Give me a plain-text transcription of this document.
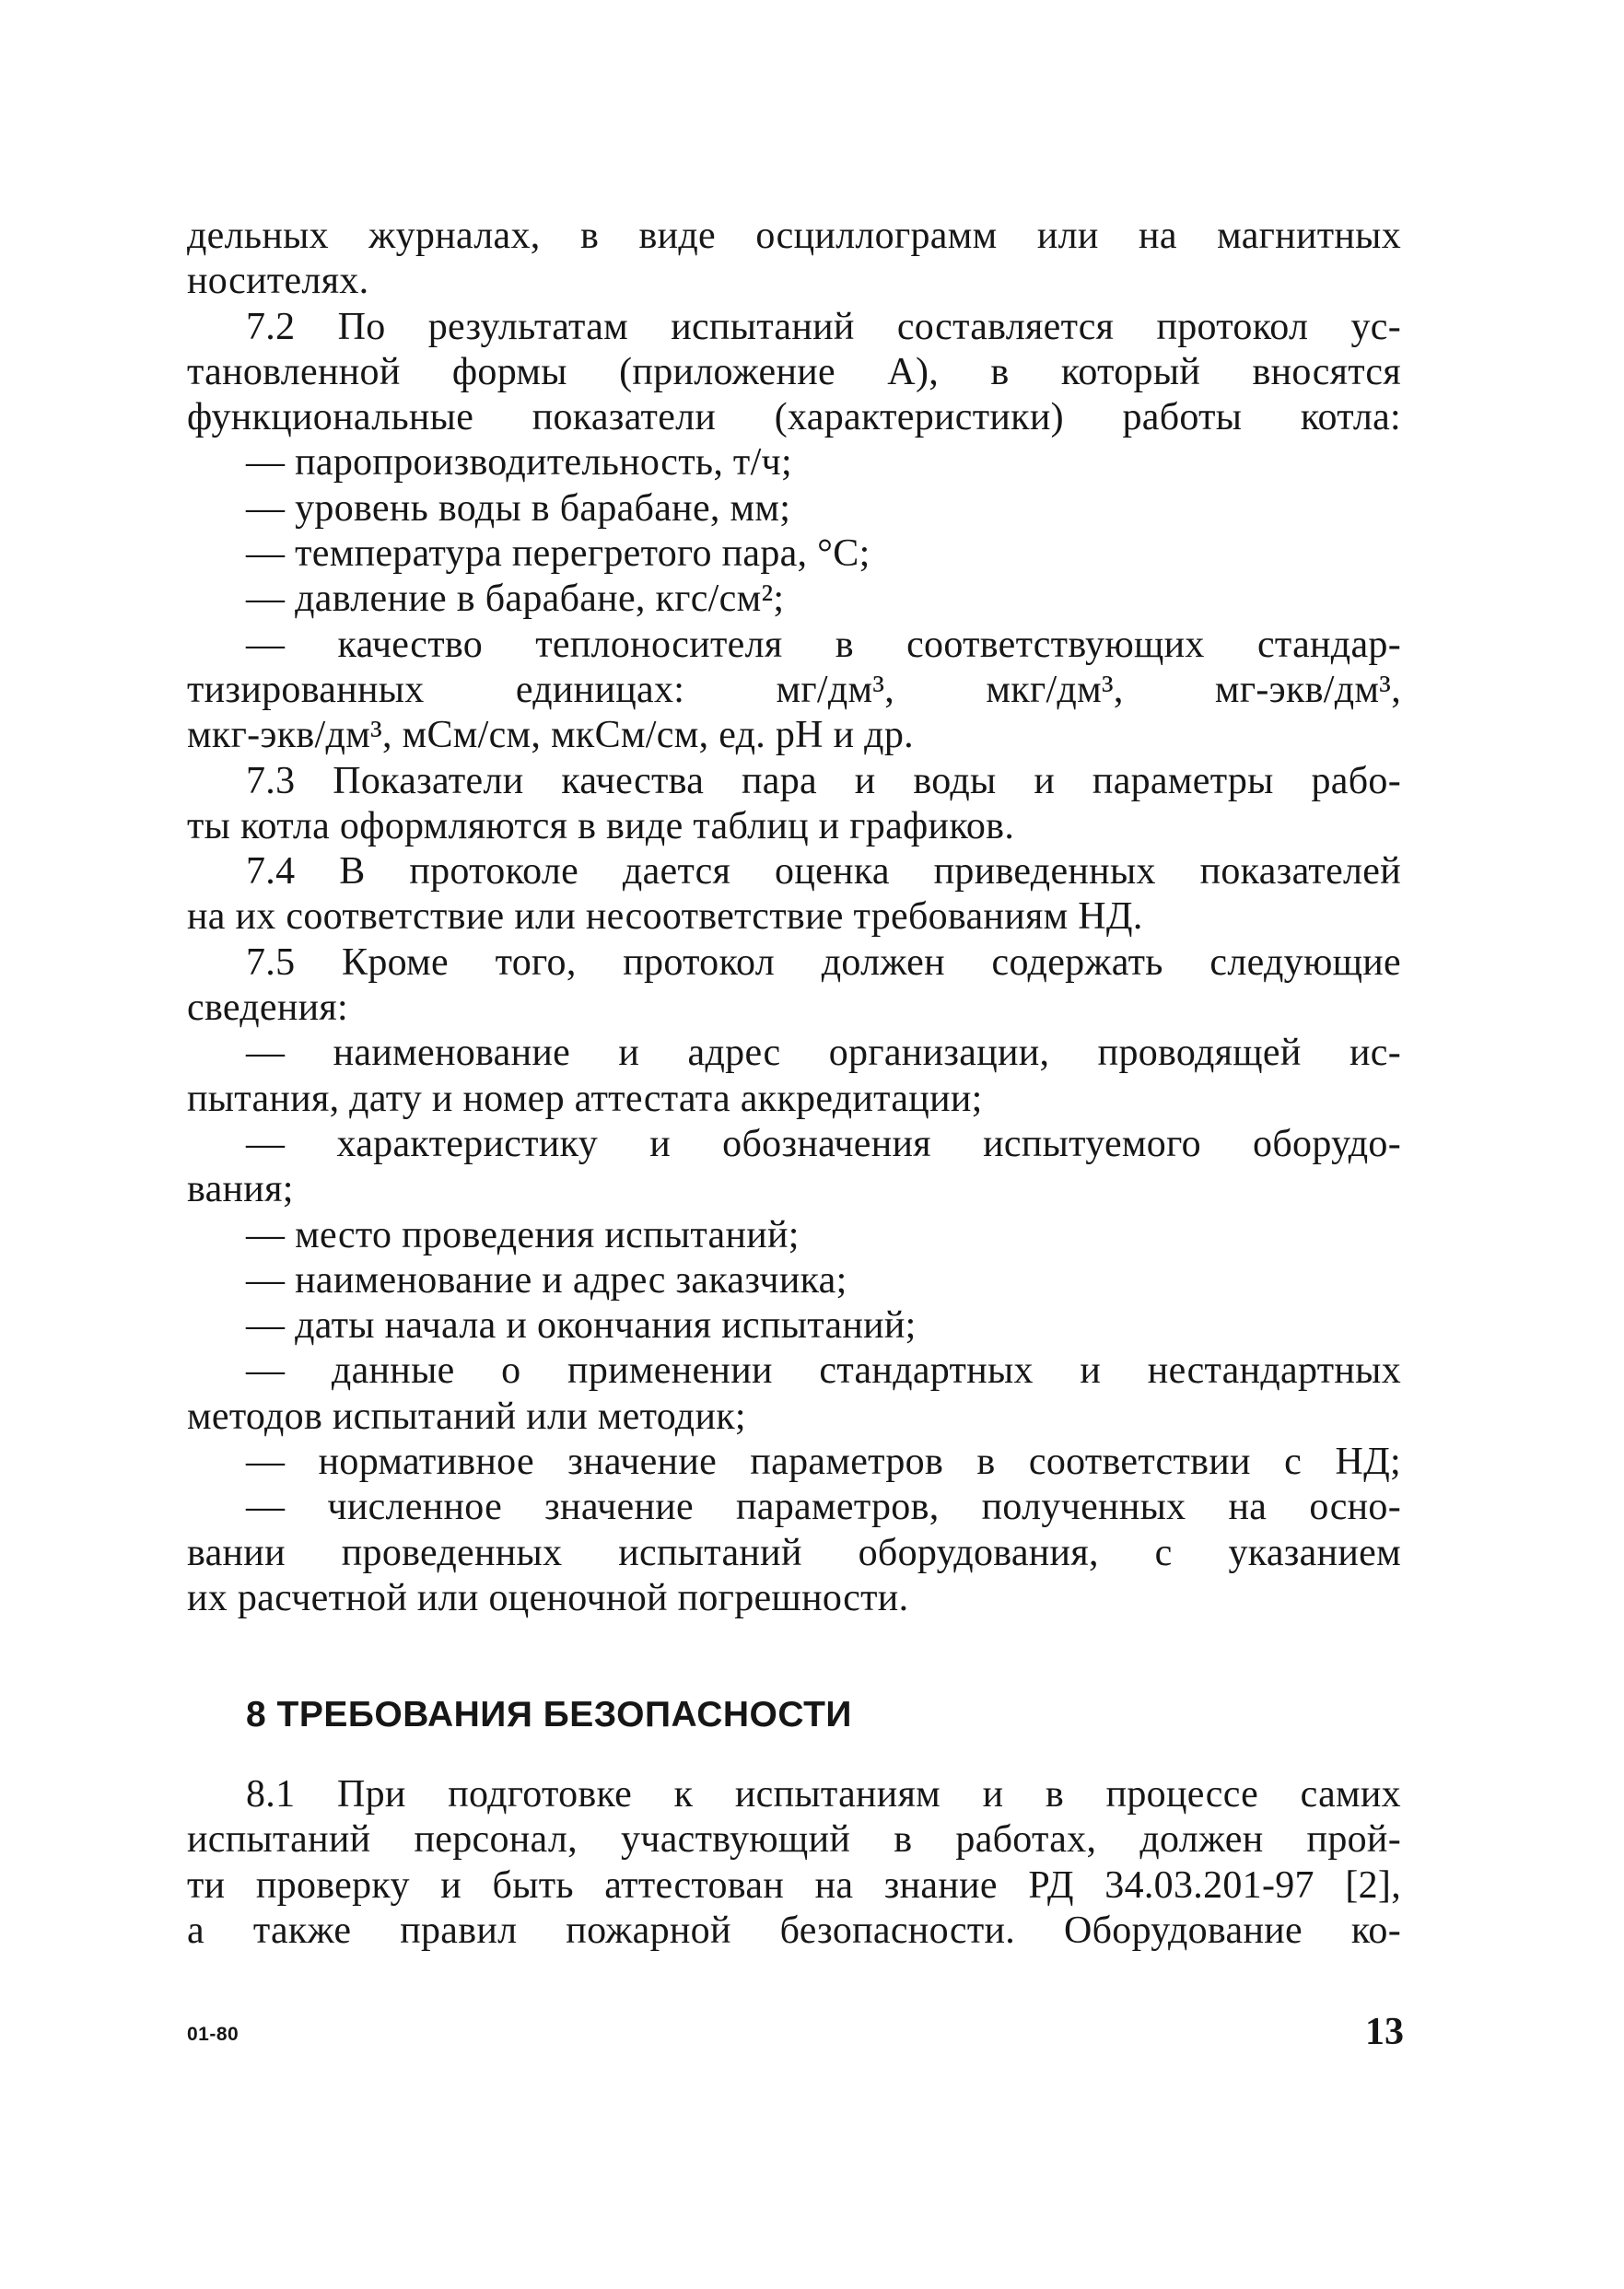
дельных журналах, в виде осциллограмм или на магнитных
носителях.
7.2 По результатам испытаний составляется протокол ус-
тановленной формы (приложение А), в который вносятся
функциональные показатели (характеристики) работы котла:
— паропроизводительность, т/ч;
— уровень воды в барабане, мм;
— температура перегретого пара, °С;
— давление в барабане, кгс/см²;
— качество теплоносителя в соответствующих стандар-
тизированных единицах: мг/дм³, мкг/дм³, мг-экв/дм³,
мкг-экв/дм³, мСм/см, мкСм/см, ед. pH и др.
7.3 Показатели качества пара и воды и параметры рабо-
ты котла оформляются в виде таблиц и графиков.
7.4 В протоколе дается оценка приведенных показателей
на их соответствие или несоответствие требованиям НД.
7.5 Кроме того, протокол должен содержать следующие
сведения:
— наименование и адрес организации, проводящей ис-
пытания, дату и номер аттестата аккредитации;
— характеристику и обозначения испытуемого оборудо-
вания;
— место проведения испытаний;
— наименование и адрес заказчика;
— даты начала и окончания испытаний;
— данные о применении стандартных и нестандартных
методов испытаний или методик;
— нормативное значение параметров в соответствии с НД;
— численное значение параметров, полученных на осно-
вании проведенных испытаний оборудования, с указанием
их расчетной или оценочной погрешности.
8 ТРЕБОВАНИЯ БЕЗОПАСНОСТИ
8.1 При подготовке к испытаниям и в процессе самих
испытаний персонал, участвующий в работах, должен прой-
ти проверку и быть аттестован на знание РД 34.03.201-97 [2],
а также правил пожарной безопасности. Оборудование ко-
01-80	13
